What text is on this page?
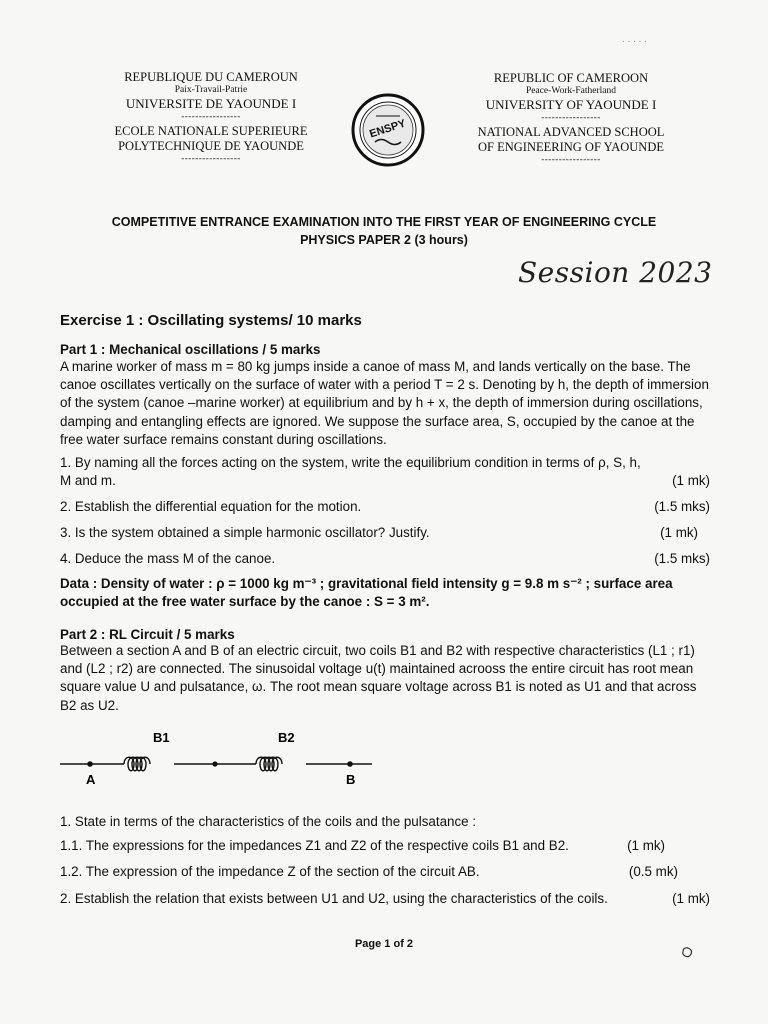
. . . . .
REPUBLIQUE DU CAMEROUN
Paix-Travail-Patrie
UNIVERSITE DE YAOUNDE I
-----------------
ECOLE NATIONALE SUPERIEURE
POLYTECHNIQUE DE YAOUNDE
-----------------
ENSPY
REPUBLIC OF CAMEROON
Peace-Work-Fatherland
UNIVERSITY OF YAOUNDE I
-----------------
NATIONAL ADVANCED SCHOOL
OF ENGINEERING OF YAOUNDE
-----------------
COMPETITIVE ENTRANCE EXAMINATION INTO THE FIRST YEAR OF ENGINEERING CYCLE
PHYSICS PAPER 2 (3 hours)
Session 2023
Exercise 1 : Oscillating systems/ 10 marks
Part 1 : Mechanical oscillations / 5 marks
A marine worker of mass m = 80 kg jumps inside a canoe of mass M, and lands vertically on the base. The canoe oscillates vertically on the surface of water with a period T = 2 s. Denoting by h, the depth of immersion of the system (canoe –marine worker) at equilibrium and by h + x, the depth of immersion during oscillations, damping and entangling effects are ignored. We suppose the surface area, S, occupied by the canoe at the free water surface remains constant during oscillations.
1. By naming all the forces acting on the system, write the equilibrium condition in terms of ρ, S, h,
M and m.	(1 mk)
2. Establish the differential equation for the motion.	(1.5 mks)
3. Is the system obtained a simple harmonic oscillator? Justify.	(1 mk)
4. Deduce the mass M of the canoe.	(1.5 mks)
Data : Density of water : ρ = 1000 kg m⁻³ ; gravitational field intensity g = 9.8 m s⁻² ; surface area occupied at the free water surface by the canoe : S = 3 m².
Part 2 : RL Circuit / 5 marks
Between a section A and B of an electric circuit, two coils B1 and B2 with respective characteristics (L1 ; r1) and (L2 ; r2) are connected. The sinusoidal voltage u(t) maintained acrooss the entire circuit has root mean square value U and pulsatance, ω. The root mean square voltage across B1 is noted as U1 and that across B2 as U2.
B1	B2
A	B
1. State in terms of the characteristics of the coils and the pulsatance :
1.1. The expressions for the impedances Z1 and Z2 of the respective coils B1 and B2.	(1 mk)
1.2. The expression of the impedance Z of the section of the circuit AB.	(0.5 mk)
2. Establish the relation that exists between U1 and U2, using the characteristics of the coils.	(1 mk)
Page 1 of 2
